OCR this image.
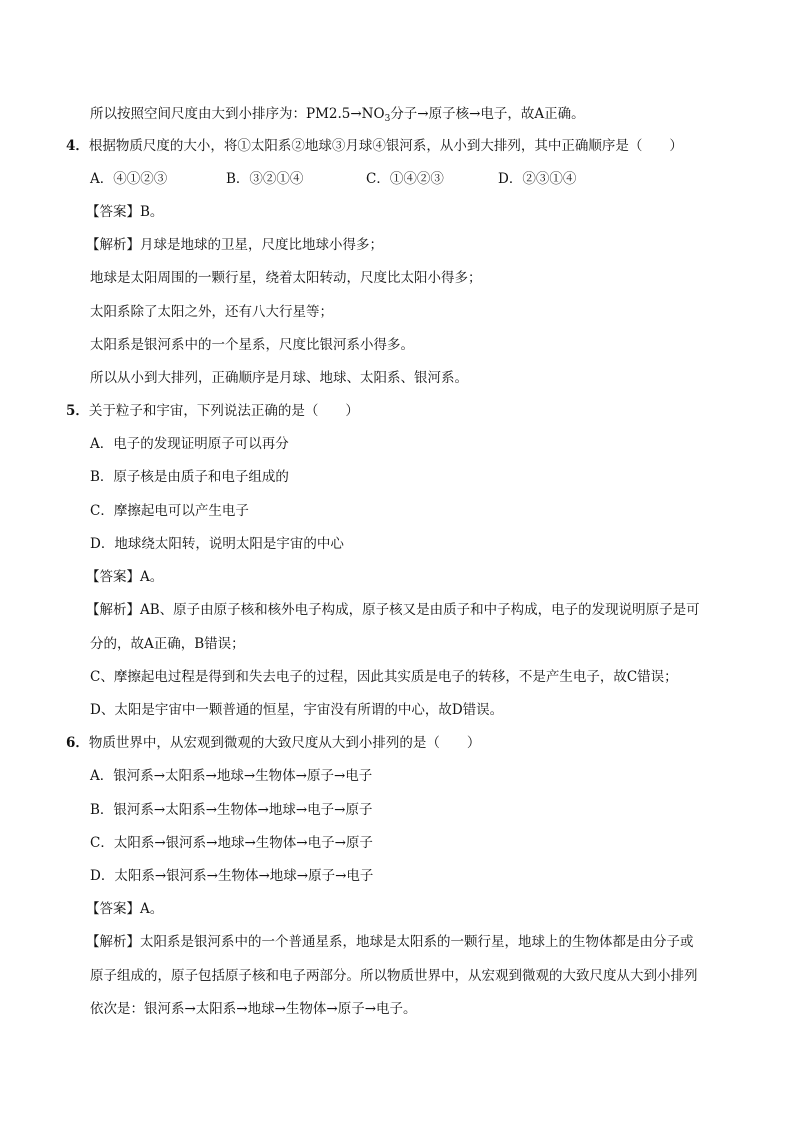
所以按照空间尺度由大到小排序为：$PM2.5\to NO_3$分子→原子核→电子，故A正确。
4．根据物质尺度的大小，将①太阳系②地球③月球④银河系，从小到大排列，其中正确顺序是（　　）
A．④①②③	B．③②①④	C．①④②③	D．②③①④
【答案】B。
【解析】月球是地球的卫星，尺度比地球小得多；
地球是太阳周围的一颗行星，绕着太阳转动，尺度比太阳小得多；
太阳系除了太阳之外，还有八大行星等；
太阳系是银河系中的一个星系，尺度比银河系小得多。
所以从小到大排列，正确顺序是月球、地球、太阳系、银河系。
5．关于粒子和宇宙，下列说法正确的是（　　）
A．电子的发现证明原子可以再分
B．原子核是由质子和电子组成的
C．摩擦起电可以产生电子
D．地球绕太阳转，说明太阳是宇宙的中心
【答案】A。
【解析】AB、原子由原子核和核外电子构成，原子核又是由质子和中子构成，电子的发现说明原子是可
分的，故A正确，B错误；
C、摩擦起电过程是得到和失去电子的过程，因此其实质是电子的转移，不是产生电子，故C错误；
D、太阳是宇宙中一颗普通的恒星，宇宙没有所谓的中心，故D错误。
6．物质世界中，从宏观到微观的大致尺度从大到小排列的是（　　）
A．银河系→太阳系→地球→生物体→原子→电子
B．银河系→太阳系→生物体→地球→电子→原子
C．太阳系→银河系→地球→生物体→电子→原子
D．太阳系→银河系→生物体→地球→原子→电子
【答案】A。
【解析】太阳系是银河系中的一个普通星系，地球是太阳系的一颗行星，地球上的生物体都是由分子或
原子组成的，原子包括原子核和电子两部分。所以物质世界中，从宏观到微观的大致尺度从大到小排列
依次是：银河系→太阳系→地球→生物体→原子→电子。
